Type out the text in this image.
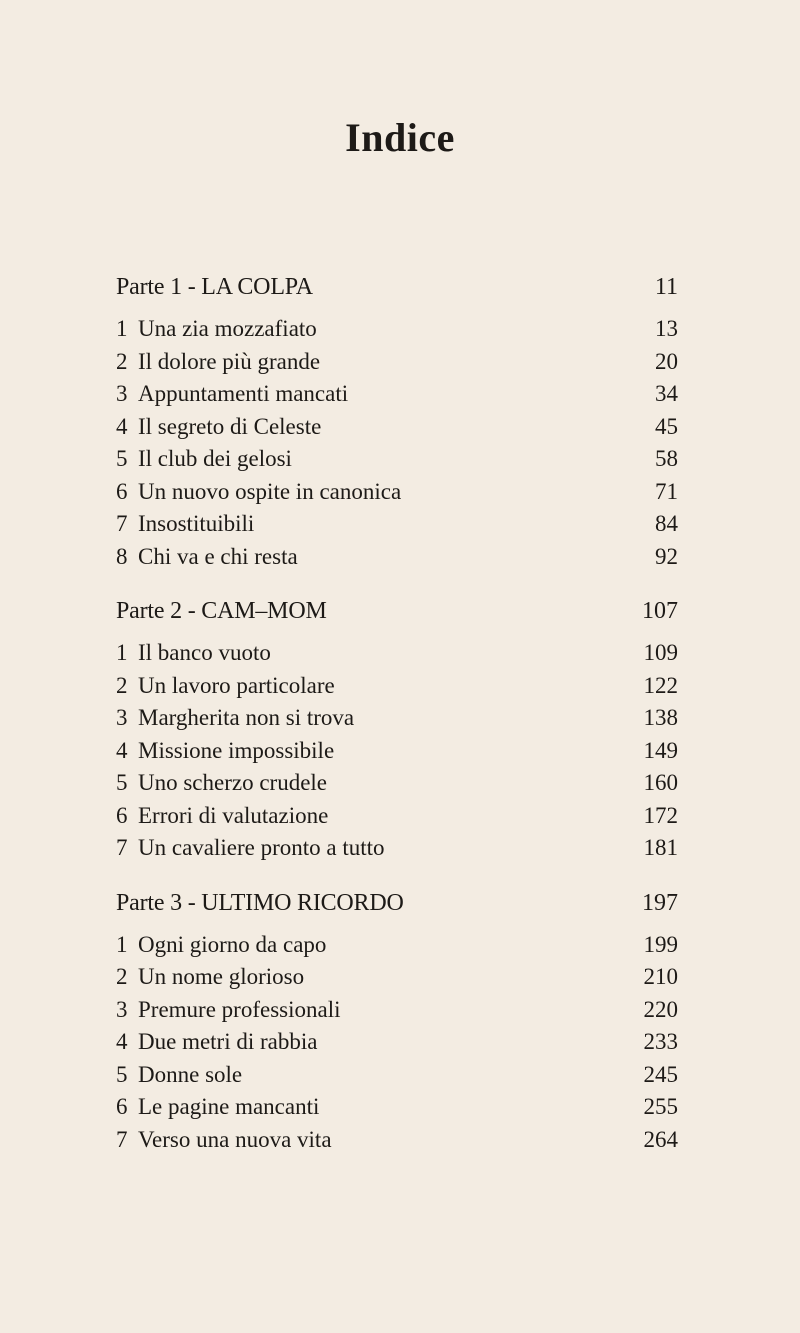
Indice
Parte 1 - LA COLPA	11
1 Una zia mozzafiato	13
2 Il dolore più grande	20
3 Appuntamenti mancati	34
4 Il segreto di Celeste	45
5 Il club dei gelosi	58
6 Un nuovo ospite in canonica	71
7 Insostituibili	84
8 Chi va e chi resta	92
Parte 2 - CAM–MOM	107
1 Il banco vuoto	109
2 Un lavoro particolare	122
3 Margherita non si trova	138
4 Missione impossibile	149
5 Uno scherzo crudele	160
6 Errori di valutazione	172
7 Un cavaliere pronto a tutto	181
Parte 3 - ULTIMO RICORDO	197
1 Ogni giorno da capo	199
2 Un nome glorioso	210
3 Premure professionali	220
4 Due metri di rabbia	233
5 Donne sole	245
6 Le pagine mancanti	255
7 Verso una nuova vita	264
